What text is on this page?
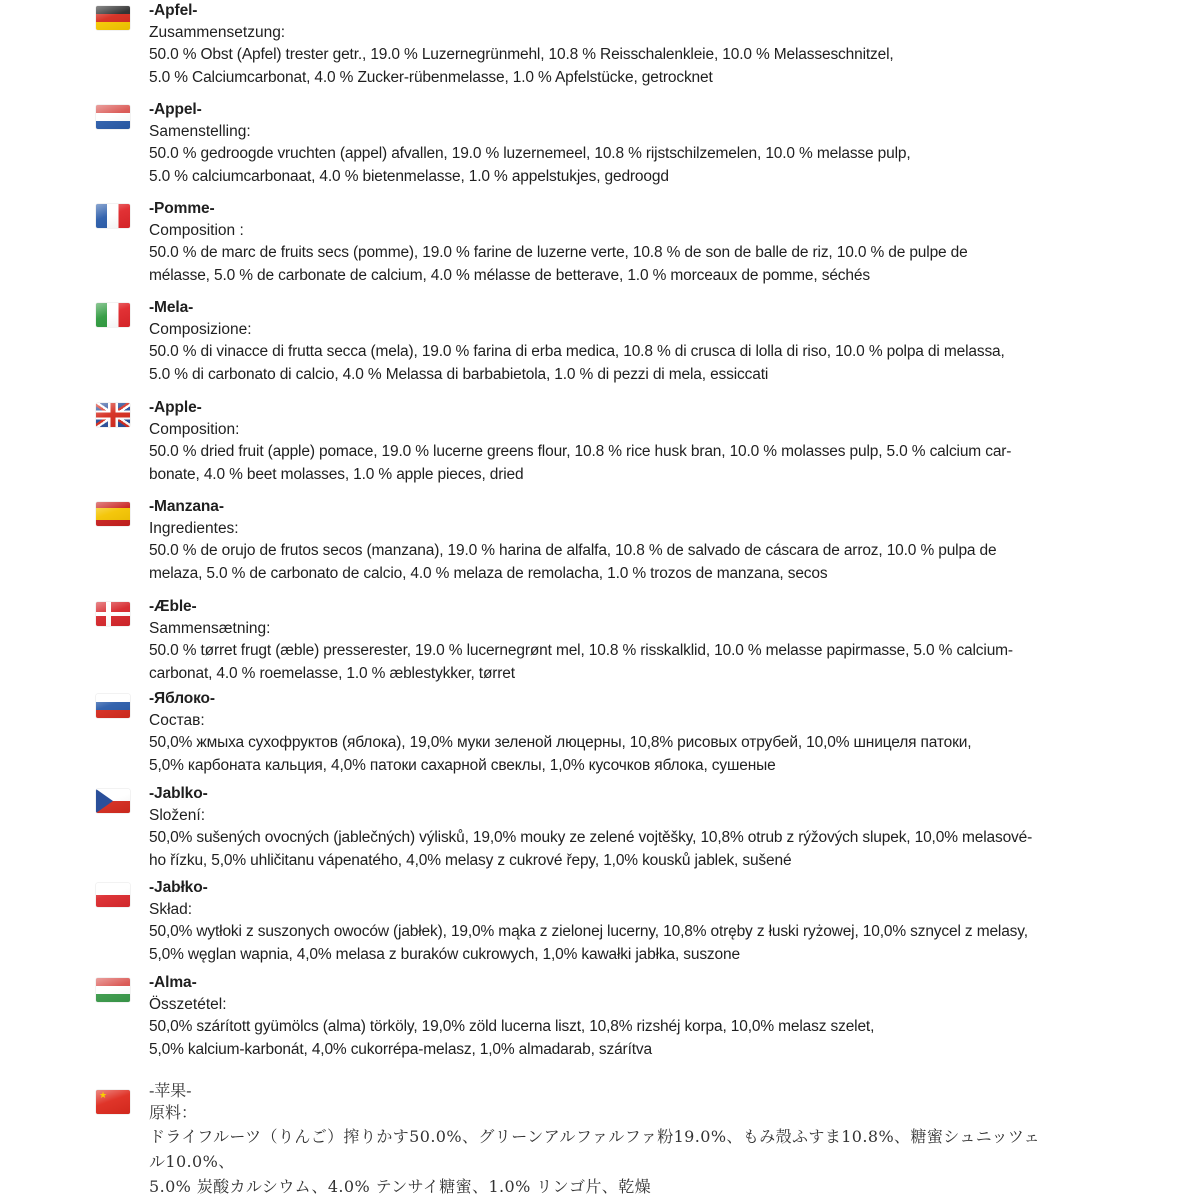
-Apfel-
Zusammensetzung:
50.0 % Obst (Apfel) trester getr., 19.0 % Luzernegrünmehl, 10.8 % Reisschalenkleie, 10.0 % Melasseschnitzel,
5.0 % Calciumcarbonat, 4.0 % Zucker-rübenmelasse, 1.0 % Apfelstücke, getrocknet
-Appel-
Samenstelling:
50.0 % gedroogde vruchten (appel) afvallen, 19.0 % luzernemeel, 10.8 % rijstschilzemelen, 10.0 % melasse pulp,
5.0 % calciumcarbonaat, 4.0 % bietenmelasse, 1.0 % appelstukjes, gedroogd
-Pomme-
Composition :
50.0 % de marc de fruits secs (pomme), 19.0 % farine de luzerne verte, 10.8 % de son de balle de riz, 10.0 % de pulpe de
mélasse, 5.0 % de carbonate de calcium, 4.0 % mélasse de betterave, 1.0 % morceaux de pomme, séchés
-Mela-
Composizione:
50.0 % di vinacce di frutta secca (mela), 19.0 % farina di erba medica, 10.8 % di crusca di lolla di riso, 10.0 % polpa di melassa,
5.0 % di carbonato di calcio, 4.0 % Melassa di barbabietola, 1.0 % di pezzi di mela, essiccati
-Apple-
Composition:
50.0 % dried fruit (apple) pomace, 19.0 % lucerne greens flour, 10.8 % rice husk bran, 10.0 % molasses pulp, 5.0 % calcium car-
bonate, 4.0 % beet molasses, 1.0 % apple pieces, dried
-Manzana-
Ingredientes:
50.0 % de orujo de frutos secos (manzana), 19.0 % harina de alfalfa, 10.8 % de salvado de cáscara de arroz, 10.0 % pulpa de
melaza, 5.0 % de carbonato de calcio, 4.0 % melaza de remolacha, 1.0 % trozos de manzana, secos
-Æble-
Sammensætning:
50.0 % tørret frugt (æble) presserester, 19.0 % lucernegrønt mel, 10.8 % risskalklid, 10.0 % melasse papirmasse, 5.0 % calcium-
carbonat, 4.0 % roemelasse, 1.0 % æblestykker, tørret
-Яблоко-
Состав:
50,0% жмыха сухофруктов (яблока), 19,0% муки зеленой люцерны, 10,8% рисовых отрубей, 10,0% шницеля патоки,
5,0% карбоната кальция, 4,0% патоки сахарной свеклы, 1,0% кусочков яблока, сушеные
-Jablko-
Složení:
50,0% sušených ovocných (jablečných) výlisků, 19,0% mouky ze zelené vojtěšky, 10,8% otrub z rýžových slupek, 10,0% melasové-
ho řízku, 5,0% uhličitanu vápenatého, 4,0% melasy z cukrové řepy, 1,0% kousků jablek, sušené
-Jabłko-
Skład:
50,0% wytłoki z suszonych owoców (jabłek), 19,0% mąka z zielonej lucerny, 10,8% otręby z łuski ryżowej, 10,0% sznycel z melasy,
5,0% węglan wapnia, 4,0% melasa z buraków cukrowych, 1,0% kawałki jabłka, suszone
-Alma-
Összetétel:
50,0% szárított gyümölcs (alma) törköly, 19,0% zöld lucerna liszt, 10,8% rizshéj korpa, 10,0% melasz szelet,
5,0% kalcium-karbonát, 4,0% cukorrépa-melasz, 1,0% almadarab, szárítva
★
-苹果-
原料：
ドライフルーツ（りんご）搾りかす50.0%、グリーンアルファルファ粉19.0%、もみ殻ふすま10.8%、糖蜜シュニッツェ
ル10.0%、
5.0% 炭酸カルシウム、4.0% テンサイ糖蜜、1.0% リンゴ片、乾燥
